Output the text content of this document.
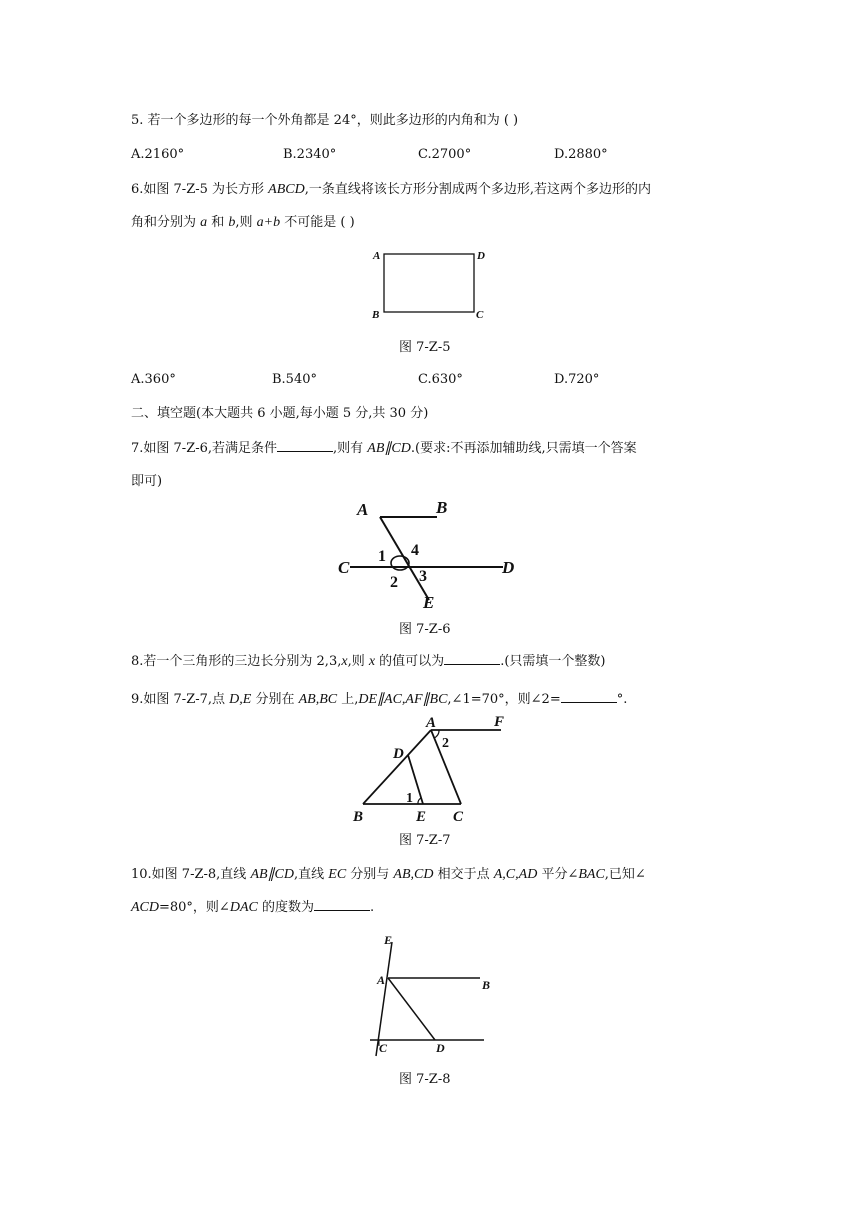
5. 若一个多边形的每一个外角都是 24°，则此多边形的内角和为 ( )
A.2160°	B.2340°	C.2700°	D.2880°
6.如图 7-Z-5 为长方形 ABCD,一条直线将该长方形分割成两个多边形,若这两个多边形的内
角和分别为 a 和 b,则 a+b 不可能是 ( )
A	D
B	C
图 7-Z-5
A.360°	B.540°	C.630°	D.720°
二、填空题(本大题共 6 小题,每小题 5 分,共 30 分)
7.如图 7-Z-6,若满足条件	,则有 AB∥CD.(要求:不再添加辅助线,只需填一个答案
即可)
A	B
C	D
E
1 4
2 3
图 7-Z-6
8.若一个三角形的三边长分别为 2,3,x,则 x 的值可以为	.(只需填一个整数)
9.如图 7-Z-7,点 D,E 分别在 AB,BC 上,DE∥AC,AF∥BC,∠1=70°，则∠2=	°.
A	F
D
B	E C
1
2
图 7-Z-7
10.如图 7-Z-8,直线 AB∥CD,直线 EC 分别与 AB,CD 相交于点 A,C,AD 平分∠BAC,已知∠
ACD=80°，则∠DAC 的度数为	.
E
A	B
C	D
图 7-Z-8
